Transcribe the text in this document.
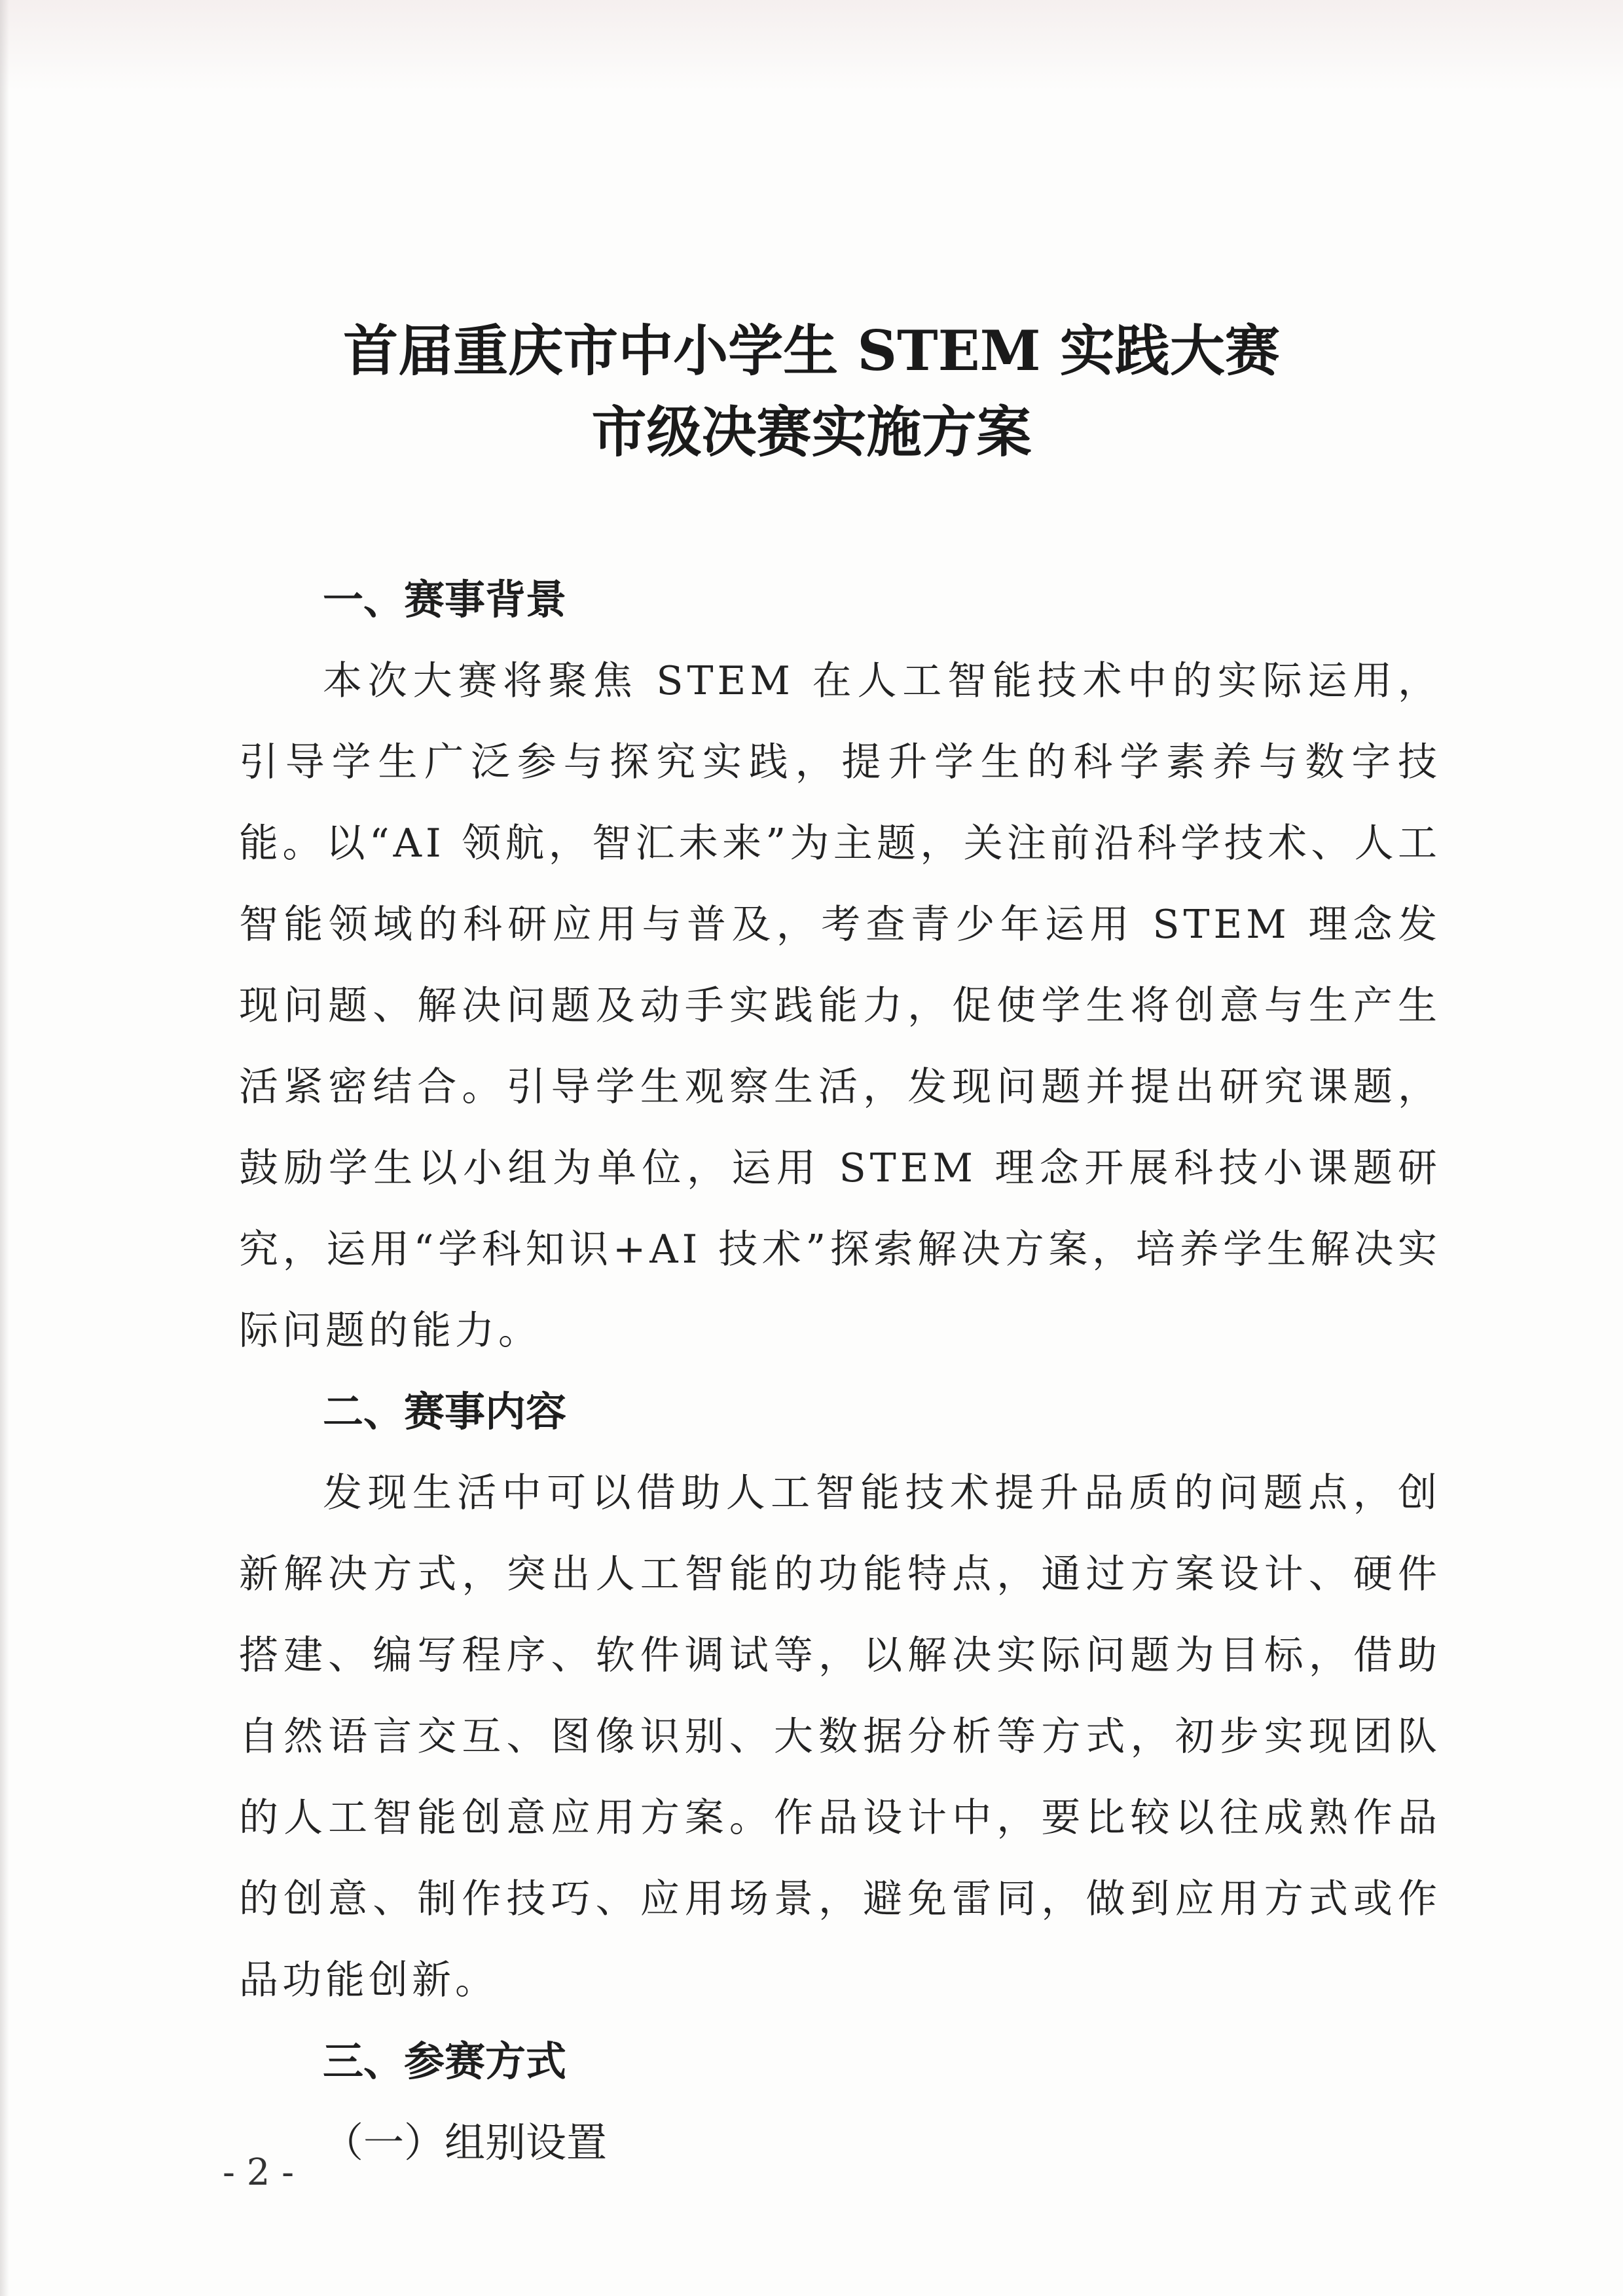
首届重庆市中小学生 STEM 实践大赛
市级决赛实施方案
一、赛事背景

本次大赛将聚焦 STEM 在人工智能技术中的实际运用，引导学生广泛参与探究实践，提升学生的科学素养与数字技能。以“AI 领航，智汇未来”为主题，关注前沿科学技术、人工智能领域的科研应用与普及，考查青少年运用 STEM 理念发现问题、解决问题及动手实践能力，促使学生将创意与生产生活紧密结合。引导学生观察生活，发现问题并提出研究课题，鼓励学生以小组为单位，运用 STEM 理念开展科技小课题研究，运用“学科知识+AI 技术”探索解决方案，培养学生解决实际问题的能力。

二、赛事内容

发现生活中可以借助人工智能技术提升品质的问题点，创新解决方式，突出人工智能的功能特点，通过方案设计、硬件搭建、编写程序、软件调试等，以解决实际问题为目标，借助自然语言交互、图像识别、大数据分析等方式，初步实现团队的人工智能创意应用方案。作品设计中，要比较以往成熟作品的创意、制作技巧、应用场景，避免雷同，做到应用方式或作品功能创新。

三、参赛方式
（一）组别设置
- 2 -
